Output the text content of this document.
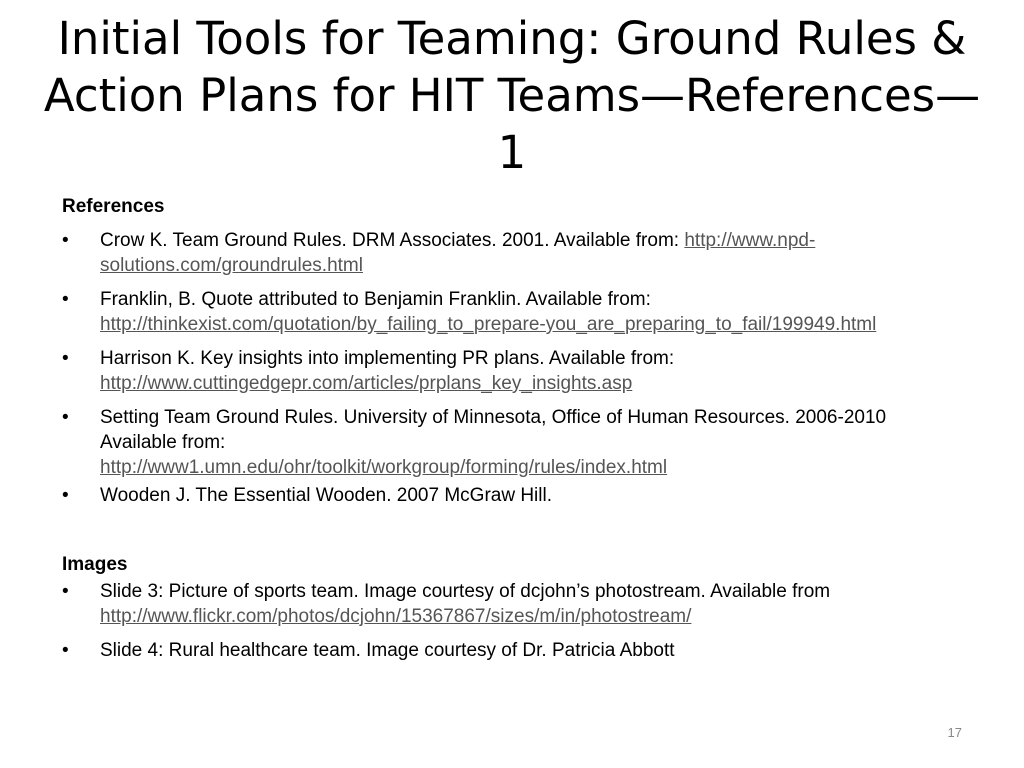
Initial Tools for Teaming: Ground Rules & Action Plans for HIT Teams—References—1

References

• Crow K. Team Ground Rules. DRM Associates. 2001. Available from: http://www.npd-solutions.com/groundrules.html
• Franklin, B. Quote attributed to Benjamin Franklin. Available from:
http://thinkexist.com/quotation/by_failing_to_prepare-you_are_preparing_to_fail/199949.html
• Harrison K. Key insights into implementing PR plans. Available from:
http://www.cuttingedgepr.com/articles/prplans_key_insights.asp
• Setting Team Ground Rules. University of Minnesota, Office of Human Resources. 2006-2010 Available from:
http://www1.umn.edu/ohr/toolkit/workgroup/forming/rules/index.html
• Wooden J. The Essential Wooden. 2007 McGraw Hill.

Images

• Slide 3: Picture of sports team. Image courtesy of dcjohn’s photostream. Available from http://www.flickr.com/photos/dcjohn/15367867/sizes/m/in/photostream/
• Slide 4: Rural healthcare team. Image courtesy of Dr. Patricia Abbott
17
